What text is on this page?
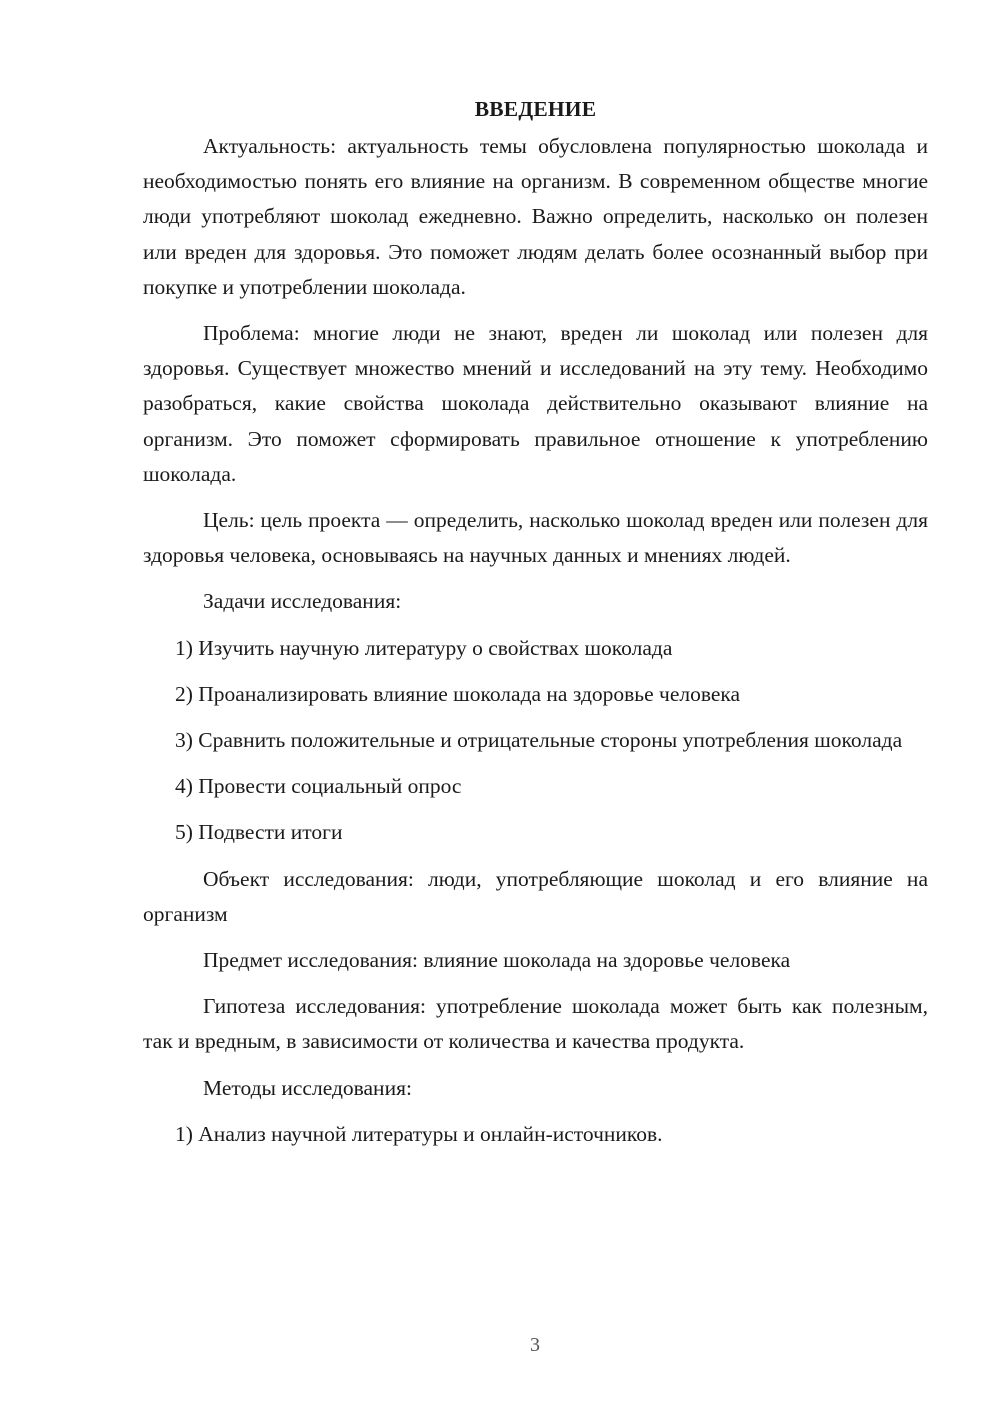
ВВЕДЕНИЕ

Актуальность: актуальность темы обусловлена популярностью шоколада и необходимостью понять его влияние на организм. В современном обществе многие люди употребляют шоколад ежедневно. Важно определить, насколько он полезен или вреден для здоровья. Это поможет людям делать более осознанный выбор при покупке и употреблении шоколада.

Проблема: многие люди не знают, вреден ли шоколад или полезен для здоровья. Существует множество мнений и исследований на эту тему. Необходимо разобраться, какие свойства шоколада действительно оказывают влияние на организм. Это поможет сформировать правильное отношение к употреблению шоколада.

Цель: цель проекта — определить, насколько шоколад вреден или полезен для здоровья человека, основываясь на научных данных и мнениях людей.

Задачи исследования:

1) Изучить научную литературу о свойствах шоколада

2) Проанализировать влияние шоколада на здоровье человека

3) Сравнить положительные и отрицательные стороны употребления шоколада

4) Провести социальный опрос

5) Подвести итоги

Объект исследования: люди, употребляющие шоколад и его влияние на организм

Предмет исследования: влияние шоколада на здоровье человека

Гипотеза исследования: употребление шоколада может быть как полезным, так и вредным, в зависимости от количества и качества продукта.

Методы исследования:

1) Анализ научной литературы и онлайн-источников.

3
